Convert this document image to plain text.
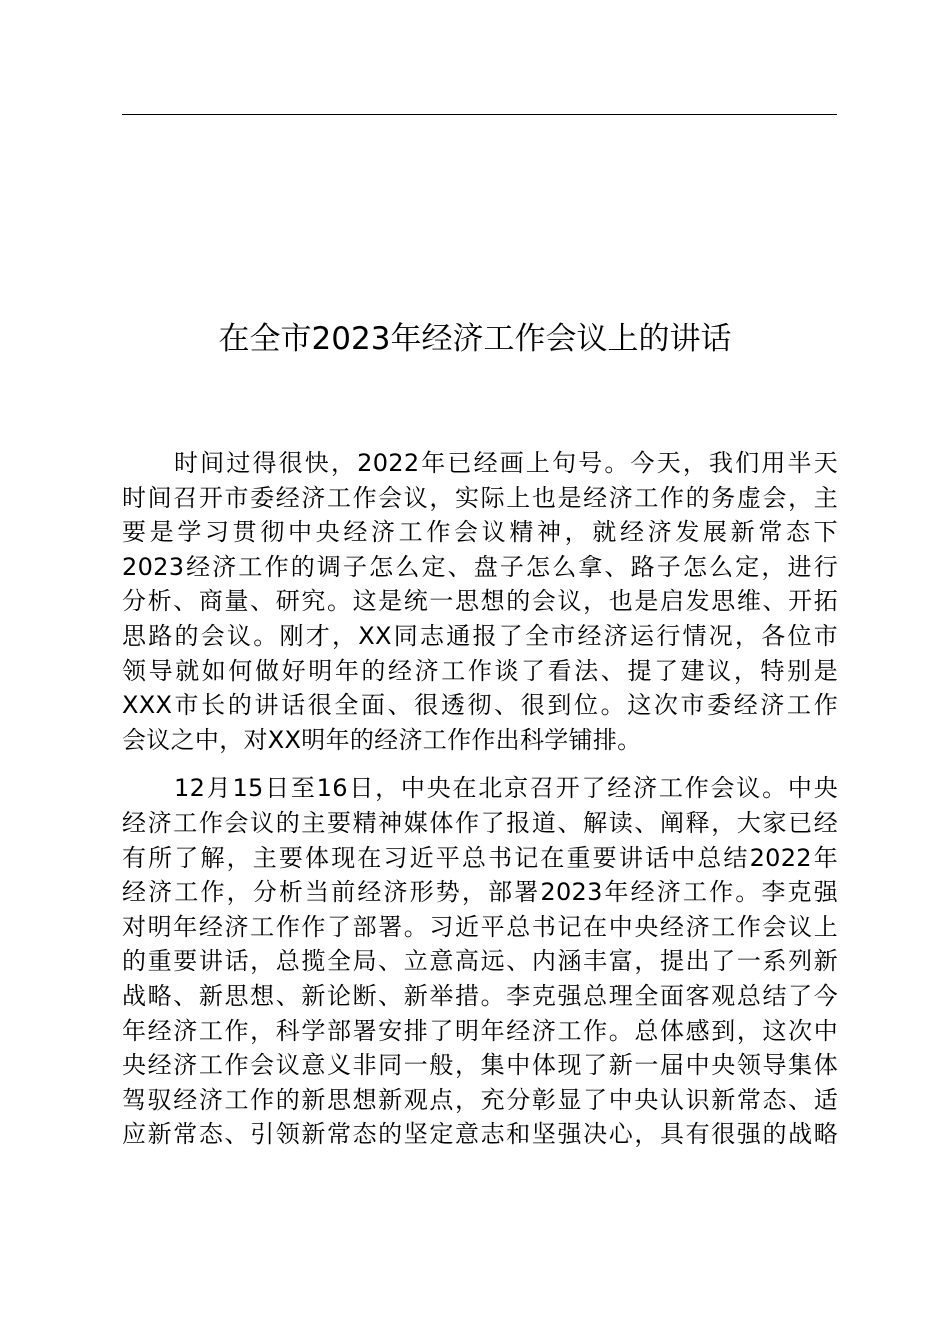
在全市2023年经济工作会议上的讲话
时间过得很快，2022年已经画上句号。今天，我们用半天
时间召开市委经济工作会议，实际上也是经济工作的务虚会，主
要是学习贯彻中央经济工作会议精神，就经济发展新常态下
2023经济工作的调子怎么定、盘子怎么拿、路子怎么定，进行
分析、商量、研究。这是统一思想的会议，也是启发思维、开拓
思路的会议。刚才，XX同志通报了全市经济运行情况，各位市
领导就如何做好明年的经济工作谈了看法、提了建议，特别是
XXX市长的讲话很全面、很透彻、很到位。这次市委经济工作
会议之中，对XX明年的经济工作作出科学铺排。
12月15日至16日，中央在北京召开了经济工作会议。中央
经济工作会议的主要精神媒体作了报道、解读、阐释，大家已经
有所了解，主要体现在习近平总书记在重要讲话中总结2022年
经济工作，分析当前经济形势，部署2023年经济工作。李克强
对明年经济工作作了部署。习近平总书记在中央经济工作会议上
的重要讲话，总揽全局、立意高远、内涵丰富，提出了一系列新
战略、新思想、新论断、新举措。李克强总理全面客观总结了今
年经济工作，科学部署安排了明年经济工作。总体感到，这次中
央经济工作会议意义非同一般，集中体现了新一届中央领导集体
驾驭经济工作的新思想新观点，充分彰显了中央认识新常态、适
应新常态、引领新常态的坚定意志和坚强决心，具有很强的战略
